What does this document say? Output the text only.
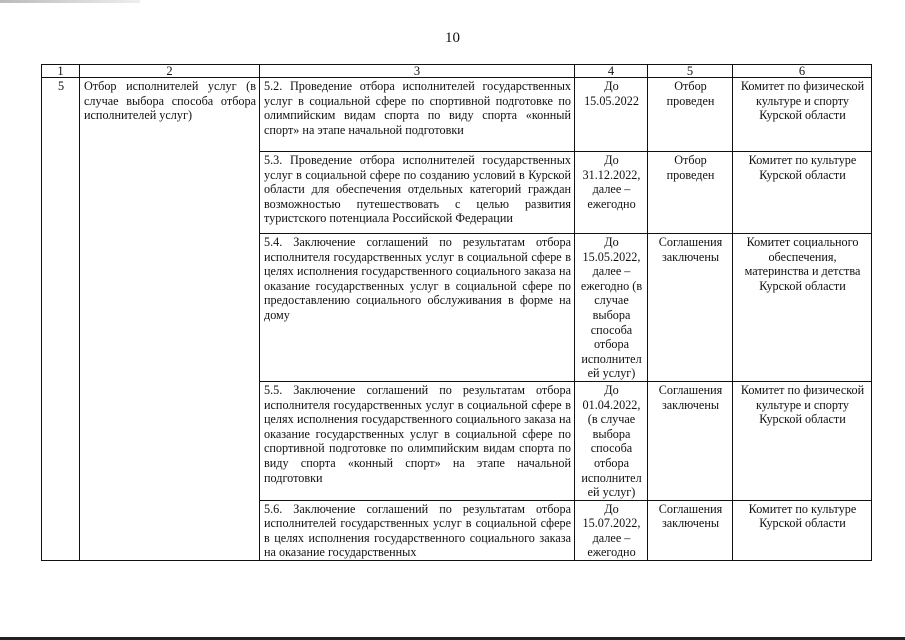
10
1	2	3	4	5	6
5	Отбор исполнителей услуг (в случае выбора способа отбора исполнителей услуг)	5.2. Проведение отбора исполнителей государственных услуг в социальной сфере по спортивной подготовке по олимпийским видам спорта по виду спорта «конный спорт» на этапе начальной подготовки	До 15.05.2022	Отбор проведен	Комитет по физической культуре и спорту Курской области
		5.3. Проведение отбора исполнителей государственных услуг в социальной сфере по созданию условий в Курской области для обеспечения отдельных категорий граждан возможностью путешествовать с целью развития туристского потенциала Российской Федерации	До 31.12.2022, далее – ежегодно	Отбор проведен	Комитет по культуре Курской области
		5.4. Заключение соглашений по результатам отбора исполнителя государственных услуг в социальной сфере в целях исполнения государственного социального заказа на оказание государственных услуг в социальной сфере по предоставлению социального обслуживания в форме на дому	До 15.05.2022, далее – ежегодно (в случае выбора способа отбора исполнител ей услуг)	Соглашения заключены	Комитет социального обеспечения, материнства и детства Курской области
		5.5. Заключение соглашений по результатам отбора исполнителя государственных услуг в социальной сфере в целях исполнения государственного социального заказа на оказание государственных услуг в социальной сфере по спортивной подготовке по олимпийским видам спорта по виду спорта «конный спорт» на этапе начальной подготовки	До 01.04.2022, (в случае выбора способа отбора исполнител ей услуг)	Соглашения заключены	Комитет по физической культуре и спорту Курской области
		5.6. Заключение соглашений по результатам отбора исполнителей государственных услуг в социальной сфере в целях исполнения государственного социального заказа на оказание государственных	До 15.07.2022, далее – ежегодно	Соглашения заключены	Комитет по культуре Курской области
